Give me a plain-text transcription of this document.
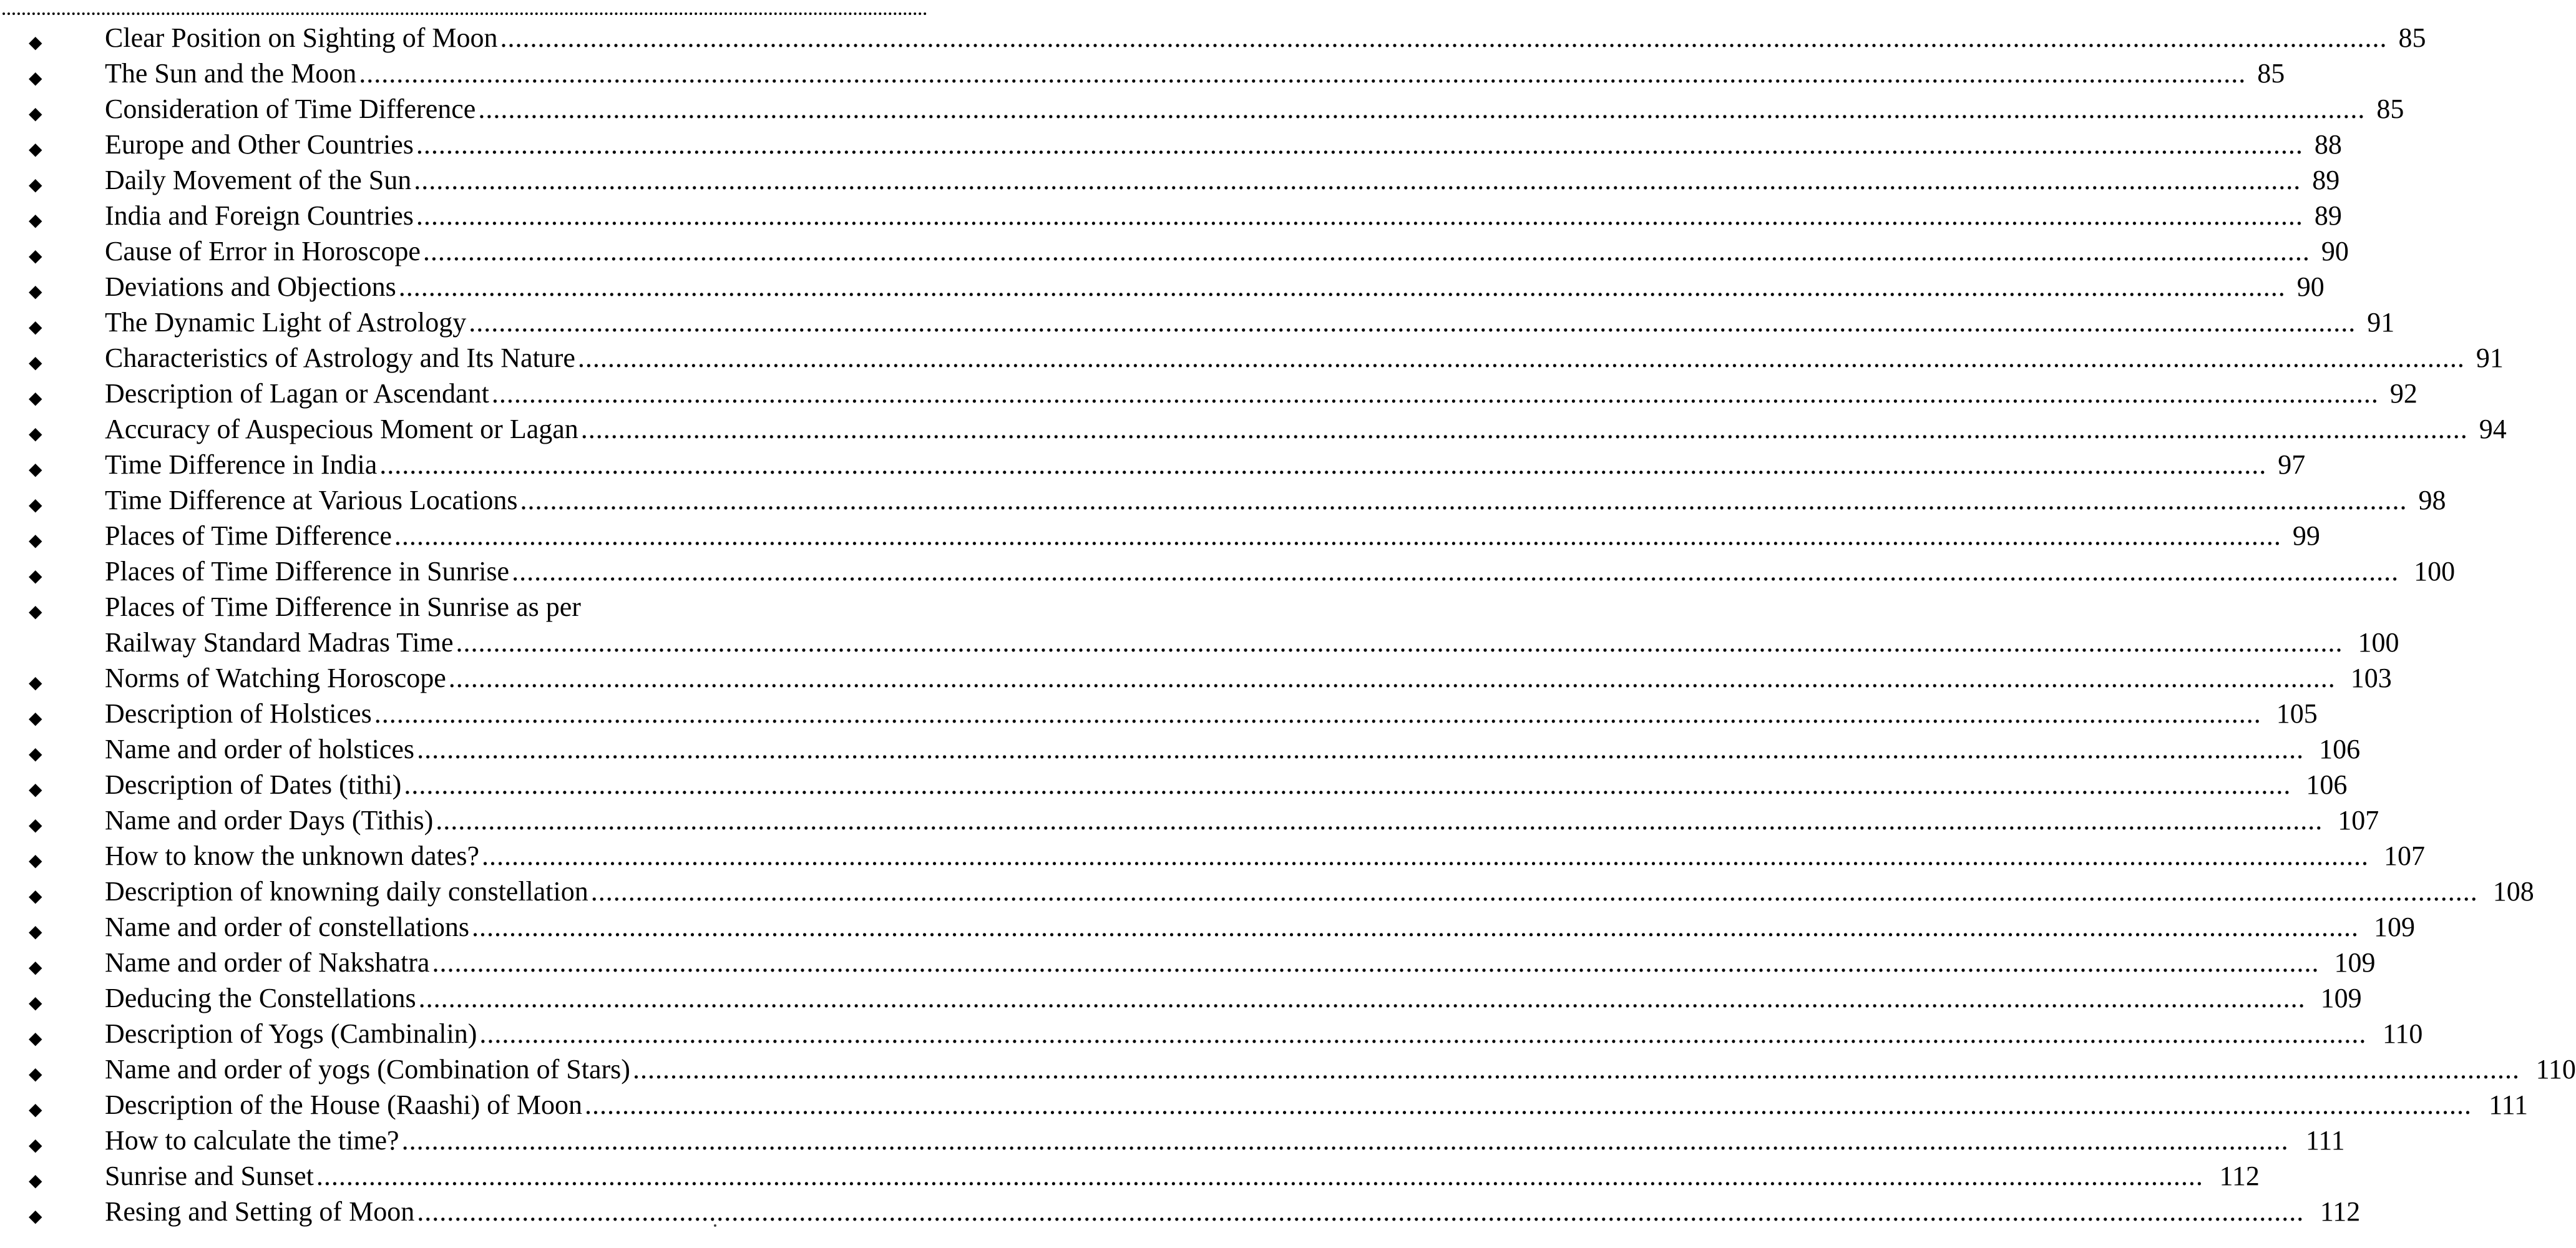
◆	Clear Position on Sighting of Moon .....	85
◆	The Sun and the Moon .....	85
◆	Consideration of Time Difference .....	85
◆	Europe and Other Countries .....	88
◆	Daily Movement of the Sun .....	89
◆	India and Foreign Countries .....	89
◆	Cause of Error in Horoscope .....	90
◆	Deviations and Objections .....	90
◆	The Dynamic Light of Astrology .....	91
◆	Characteristics of Astrology and Its Nature .....	91
◆	Description of Lagan or Ascendant .....	92
◆	Accuracy of Auspecious Moment or Lagan .....	94
◆	Time Difference in India .....	97
◆	Time Difference at Various Locations .....	98
◆	Places of Time Difference .....	99
◆	Places of Time Difference in Sunrise .....	100
◆	Places of Time Difference in Sunrise as per
Railway Standard Madras Time .....	100
◆	Norms of Watching Horoscope .....	103
◆	Description of Holstices .....	105
◆	Name and order of holstices .....	106
◆	Description of Dates (tithi) .....	106
◆	Name and order Days (Tithis) .....	107
◆	How to know the unknown dates? .....	107
◆	Description of knowning daily constellation .....	108
◆	Name and order of constellations .....	109
◆	Name and order of Nakshatra .....	109
◆	Deducing the Constellations .....	109
◆	Description of Yogs (Cambinalin) .....	110
◆	Name and order of yogs (Combination of Stars) .....	110
◆	Description of the House (Raashi) of Moon .....	111
◆	How to calculate the time? .....	111
◆	Sunrise and Sunset .....	112
◆	Resing and Setting of Moon .....	112
